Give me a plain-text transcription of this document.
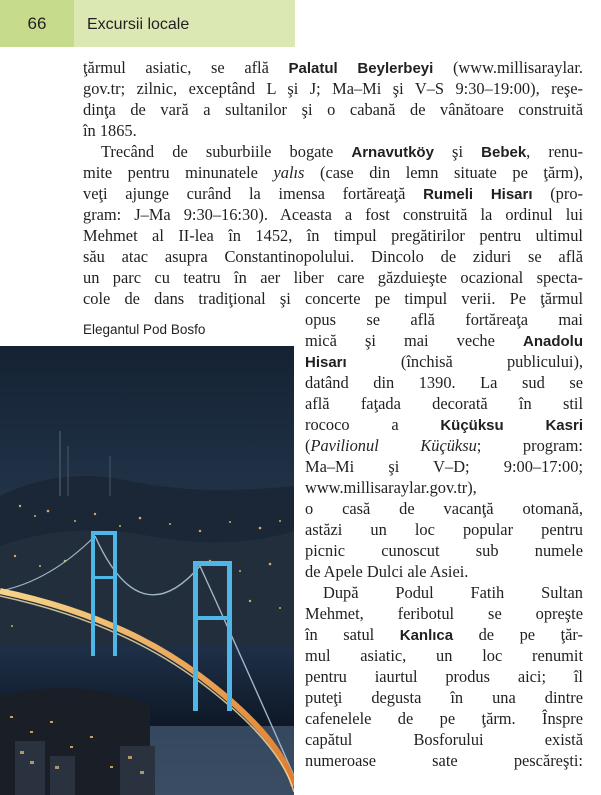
66	Excursii locale
ţărmul asiatic, se află Palatul Beylerbeyi (www.millisaraylar.
gov.tr; zilnic, exceptând L şi J; Ma–Mi şi V–S 9:30–19:00), reşe-
dinţa de vară a sultanilor şi o cabană de vânătoare construită
în 1865.
Trecând de suburbiile bogate Arnavutköy şi Bebek, renu-
mite pentru minunatele yalıs (case din lemn situate pe ţărm),
veţi ajunge curând la imensa fortăreaţă Rumeli Hisarı (pro-
gram: J–Ma 9:30–16:30). Aceasta a fost construită la ordinul lui
Mehmet al II-lea în 1452, în timpul pregătirilor pentru ultimul
său atac asupra Constantinopolului. Dincolo de ziduri se află
un parc cu teatru în aer liber care găzduieşte ocazional specta-
cole de dans tradiţional şi concerte pe timpul verii. Pe ţărmul
opus se află fortăreaţa mai
mică şi mai veche Anadolu
Hisarı (închisă publicului),
datând din 1390. La sud se
află faţada decorată în stil
rococo a Küçüksu Kasri
(Pavilionul Küçüksu; program:
Ma–Mi şi V–D; 9:00–17:00;
www.millisaraylar.gov.tr),
o casă de vacanţă otomană,
astăzi un loc popular pentru
picnic cunoscut sub numele
de Apele Dulci ale Asiei.
După Podul Fatih Sultan
Mehmet, feribotul se opreşte
în satul Kanlıca de pe ţăr-
mul asiatic, un loc renumit
pentru iaurtul produs aici; îl
puteţi degusta în una dintre
cafenelele de pe ţărm. Înspre
capătul Bosforului există
numeroase sate pescăreşti:
Elegantul Pod Bosfo
